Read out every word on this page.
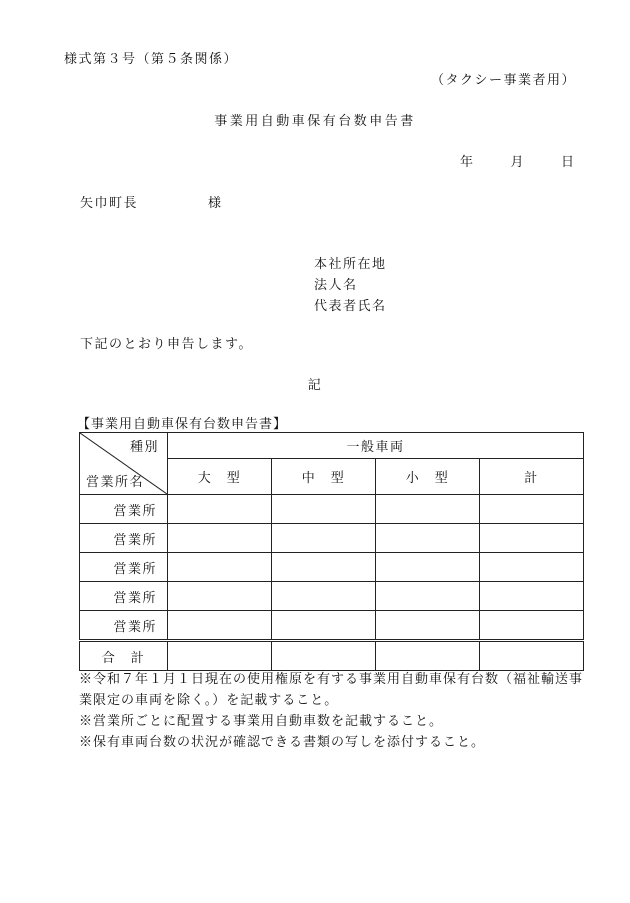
様式第３号（第５条関係）
（タクシー事業者用）
事業用自動車保有台数申告書
年	月	日
矢巾町長	様
本社所在地
法人名
代表者氏名
下記のとおり申告します。
記
【事業用自動車保有台数申告書】
種別
営業所名	一般車両			
	大　型	中　型	小　型	計
営業所				
営業所				
営業所				
営業所				
営業所				
合　計				

※令和７年１月１日現在の使用権原を有する事業用自動車保有台数（福祉輸送事業限定の車両を除く。）を記載すること。

※営業所ごとに配置する事業用自動車数を記載すること。

※保有車両台数の状況が確認できる書類の写しを添付すること。
